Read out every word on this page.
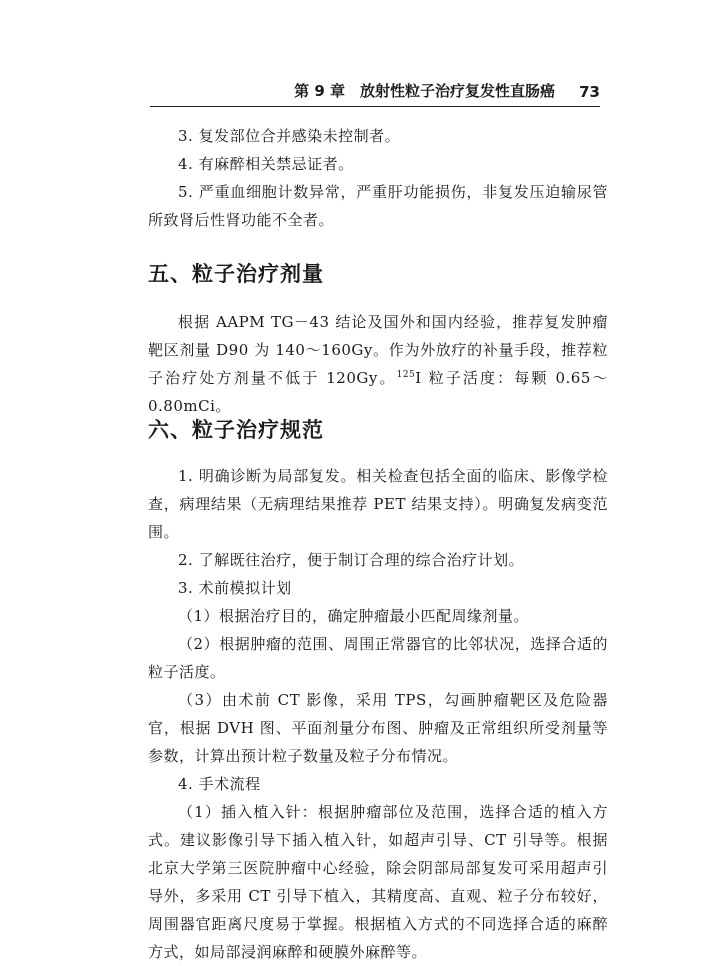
第 9 章　放射性粒子治疗复发性直肠癌 73

3. 复发部位合并感染未控制者。

4. 有麻醉相关禁忌证者。

5. 严重血细胞计数异常，严重肝功能损伤，非复发压迫输尿管所致肾后性肾功能不全者。

五、粒子治疗剂量

根据 AAPM TG－43 结论及国外和国内经验，推荐复发肿瘤靶区剂量 D90 为 140～160Gy。作为外放疗的补量手段，推荐粒子治疗处方剂量不低于 120Gy。$^{125}$I 粒子活度：每颗 0.65～0.80mCi。

六、粒子治疗规范

1. 明确诊断为局部复发。相关检查包括全面的临床、影像学检查，病理结果（无病理结果推荐 PET 结果支持）。明确复发病变范围。

2. 了解既往治疗，便于制订合理的综合治疗计划。

3. 术前模拟计划

（1）根据治疗目的，确定肿瘤最小匹配周缘剂量。

（2）根据肿瘤的范围、周围正常器官的比邻状况，选择合适的粒子活度。

（3）由术前 CT 影像，采用 TPS，勾画肿瘤靶区及危险器官，根据 DVH 图、平面剂量分布图、肿瘤及正常组织所受剂量等参数，计算出预计粒子数量及粒子分布情况。

4. 手术流程

（1）插入植入针：根据肿瘤部位及范围，选择合适的植入方式。建议影像引导下插入植入针，如超声引导、CT 引导等。根据北京大学第三医院肿瘤中心经验，除会阴部局部复发可采用超声引导外，多采用 CT 引导下植入，其精度高、直观、粒子分布较好，周围器官距离尺度易于掌握。根据植入方式的不同选择合适的麻醉方式，如局部浸润麻醉和硬膜外麻醉等。
